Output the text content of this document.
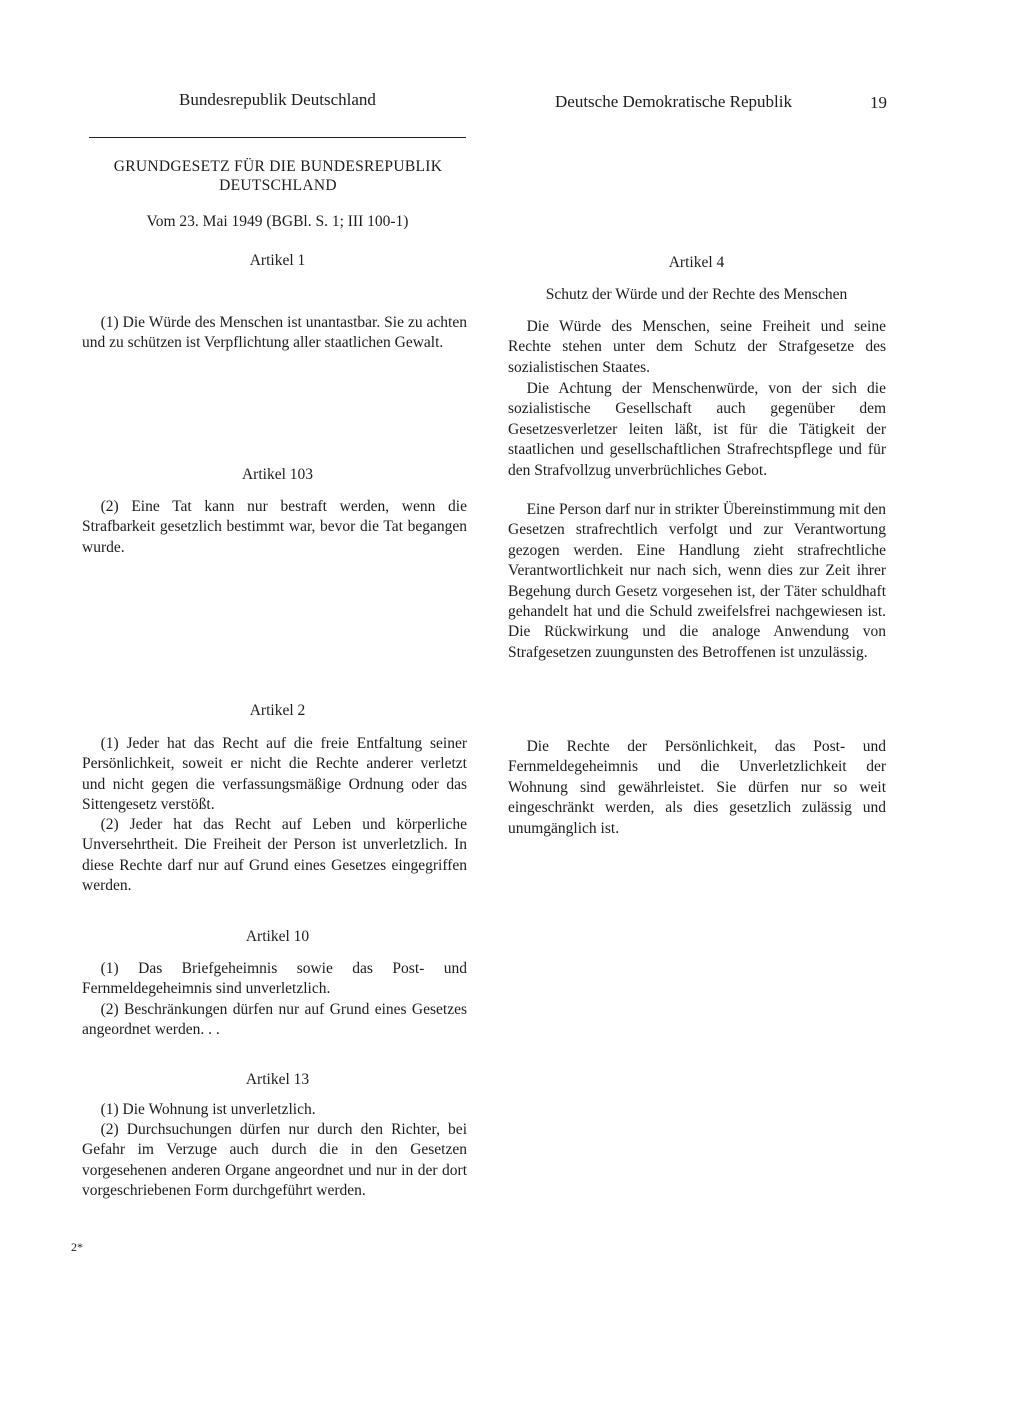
Bundesrepublik Deutschland	Deutsche Demokratische Republik	19
GRUNDGESETZ FÜR DIE BUNDESREPUBLIK DEUTSCHLAND
Vom 23. Mai 1949 (BGBl. S. 1; III 100-1)
Artikel 1

(1) Die Würde des Menschen ist unantastbar. Sie zu achten und zu schützen ist Verpflichtung aller staatlichen Gewalt.

Artikel 103

(2) Eine Tat kann nur bestraft werden, wenn die Strafbarkeit gesetzlich bestimmt war, bevor die Tat begangen wurde.

Artikel 2

(1) Jeder hat das Recht auf die freie Entfaltung seiner Persönlichkeit, soweit er nicht die Rechte anderer verletzt und nicht gegen die verfassungsmäßige Ordnung oder das Sittengesetz verstößt.

(2) Jeder hat das Recht auf Leben und körperliche Unversehrtheit. Die Freiheit der Person ist unverletzlich. In diese Rechte darf nur auf Grund eines Gesetzes eingegriffen werden.

Artikel 10

(1) Das Briefgeheimnis sowie das Post- und Fernmeldegeheimnis sind unverletzlich.

(2) Beschränkungen dürfen nur auf Grund eines Gesetzes angeordnet werden. . .

Artikel 13

(1) Die Wohnung ist unverletzlich.

(2) Durchsuchungen dürfen nur durch den Richter, bei Gefahr im Verzuge auch durch die in den Gesetzen vorgesehenen anderen Organe angeordnet und nur in der dort vorgeschriebenen Form durchgeführt werden.

2*
Artikel 4
Schutz der Würde und der Rechte des Menschen

Die Würde des Menschen, seine Freiheit und seine Rechte stehen unter dem Schutz der Strafgesetze des sozialistischen Staates.

Die Achtung der Menschenwürde, von der sich die sozialistische Gesellschaft auch gegenüber dem Gesetzesverletzer leiten läßt, ist für die Tätigkeit der staatlichen und gesellschaftlichen Strafrechtspflege und für den Strafvollzug unverbrüchliches Gebot.

Eine Person darf nur in strikter Übereinstimmung mit den Gesetzen strafrechtlich verfolgt und zur Verantwortung gezogen werden. Eine Handlung zieht strafrechtliche Verantwortlichkeit nur nach sich, wenn dies zur Zeit ihrer Begehung durch Gesetz vorgesehen ist, der Täter schuldhaft gehandelt hat und die Schuld zweifelsfrei nachgewiesen ist. Die Rückwirkung und die analoge Anwendung von Strafgesetzen zuungunsten des Betroffenen ist unzulässig.

Die Rechte der Persönlichkeit, das Post- und Fernmeldegeheimnis und die Unverletzlichkeit der Wohnung sind gewährleistet. Sie dürfen nur so weit eingeschränkt werden, als dies gesetzlich zulässig und unumgänglich ist.
